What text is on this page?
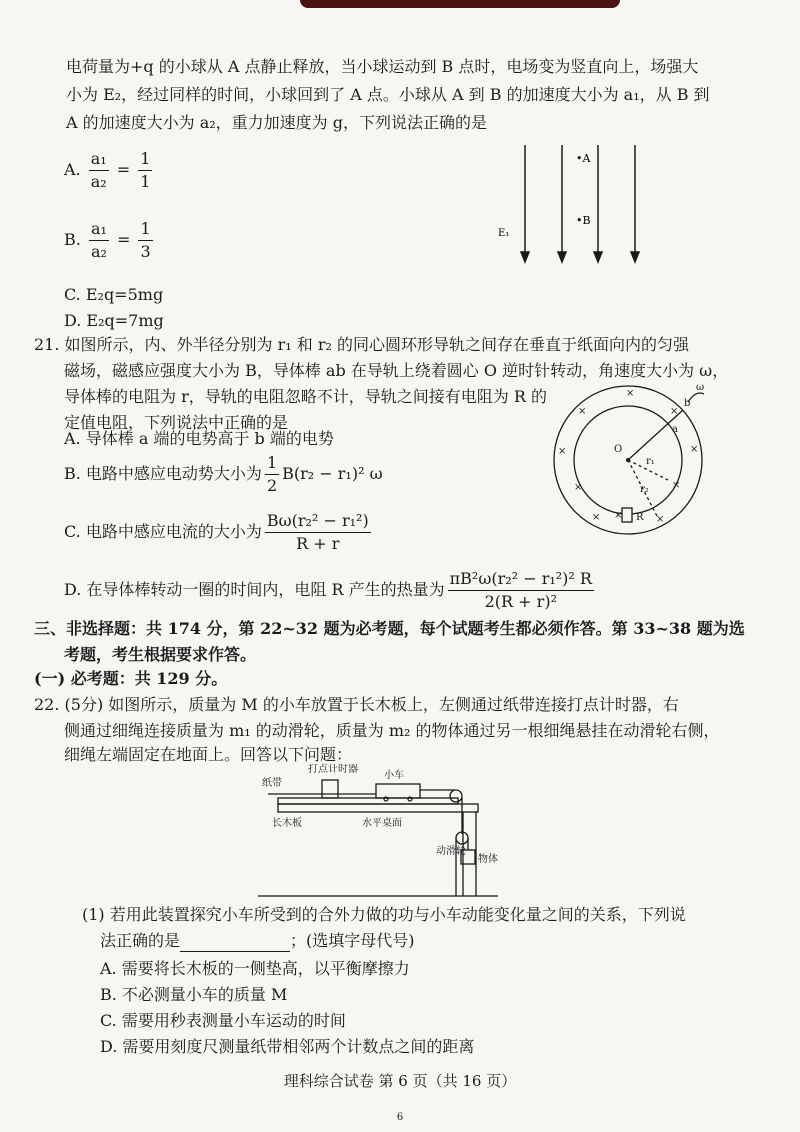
电荷量为+q 的小球从 A 点静止释放，当小球运动到 B 点时，电场变为竖直向上，场强大
小为 E₂，经过同样的时间，小球回到了 A 点。小球从 A 到 B 的加速度大小为 a₁，从 B 到
A 的加速度大小为 a₂，重力加速度为 g，下列说法正确的是
A. $\frac{\text{a₁}}{\text{a₂}} = \frac{1}{1}$
B. $\frac{\text{a₁}}{\text{a₂}} = \frac{1}{3}$
C. E₂q=5mg
D. E₂q=7mg
E₁
•A
•B
21. 如图所示，内、外半径分别为 r₁ 和 r₂ 的同心圆环形导轨之间存在垂直于纸面向内的匀强
磁场，磁感应强度大小为 B，导体棒 ab 在导轨上绕着圆心 O 逆时针转动，角速度大小为 ω，
导体棒的电阻为 r，导轨的电阻忽略不计，导轨之间接有电阻为 R 的
定值电阻，下列说法中正确的是
A. 导体棒 a 端的电势高于 b 端的电势
B. 电路中感应电动势大小为 $\frac{1}{2} B(r_2 - r_1)^2$ ω
C. 电路中感应电流的大小为 $\frac{\text{Bω(r₂² − r₁²)}}{R + r}$
D. 在导体棒转动一圈的时间内，电阻 R 产生的热量为 $\frac{\text{πB²ω(r₂² − r₁²)² R}}{\text{2(R + r)²}}$
O
a
b
ω
r₁
r₂
R
×
×
×
×	×
×	×
× ×	×
三、非选择题：共 174 分，第 22~32 题为必考题，每个试题考生都必须作答。第 33~38 题为选
考题，考生根据要求作答。
(一) 必考题：共 129 分。
22. (5分) 如图所示，质量为 M 的小车放置于长木板上，左侧通过纸带连接打点计时器，右
侧通过细绳连接质量为 m₁ 的动滑轮，质量为 m₂ 的物体通过另一根细绳悬挂在动滑轮右侧，
细绳左端固定在地面上。回答以下问题：
纸带
打点计时器
小车
长木板	水平桌面
动滑轮
物体
(1) 若用此装置探究小车所受到的合外力做的功与小车动能变化量之间的关系，下列说
法正确的是	；(选填字母代号)
A. 需要将长木板的一侧垫高，以平衡摩擦力
B. 不必测量小车的质量 M
C. 需要用秒表测量小车运动的时间
D. 需要用刻度尺测量纸带相邻两个计数点之间的距离
理科综合试卷 第 6 页（共 16 页）
6
